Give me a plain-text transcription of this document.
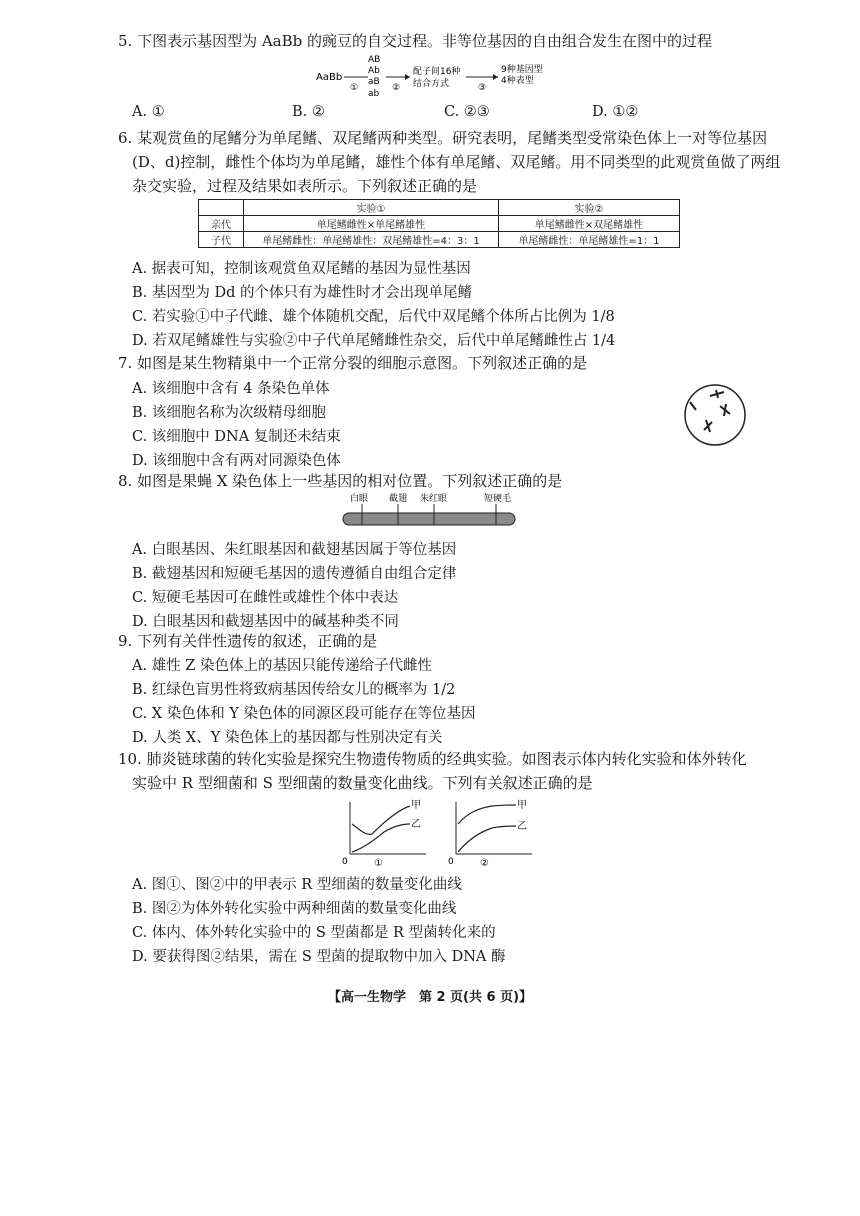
5. 下图表示基因型为 AaBb 的豌豆的自交过程。非等位基因的自由组合发生在图中的过程
AaBb
①
AB
Ab
aB
ab
②
配子间16种
结合方式	③
9种基因型
4种表型
A. ①	B. ②	C. ②③	D. ①②
6. 某观赏鱼的尾鳍分为单尾鳍、双尾鳍两种类型。研究表明，尾鳍类型受常染色体上一对等位基因
(D、d)控制，雌性个体均为单尾鳍，雄性个体有单尾鳍、双尾鳍。用不同类型的此观赏鱼做了两组
杂交实验，过程及结果如表所示。下列叙述正确的是
	实验①	实验②
亲代	单尾鳍雌性×单尾鳍雄性	单尾鳍雌性×双尾鳍雄性
子代	单尾鳍雌性：单尾鳍雄性：双尾鳍雄性=4：3：1	单尾鳍雌性：单尾鳍雄性=1：1
A. 据表可知，控制该观赏鱼双尾鳍的基因为显性基因
B. 基因型为 Dd 的个体只有为雄性时才会出现单尾鳍
C. 若实验①中子代雌、雄个体随机交配，后代中双尾鳍个体所占比例为 1/8
D. 若双尾鳍雄性与实验②中子代单尾鳍雌性杂交，后代中单尾鳍雌性占 1/4
7. 如图是某生物精巢中一个正常分裂的细胞示意图。下列叙述正确的是
A. 该细胞中含有 4 条染色单体
B. 该细胞名称为次级精母细胞
C. 该细胞中 DNA 复制还未结束
D. 该细胞中含有两对同源染色体
8. 如图是果蝇 X 染色体上一些基因的相对位置。下列叙述正确的是
白眼 截翅 朱红眼	短硬毛
A. 白眼基因、朱红眼基因和截翅基因属于等位基因
B. 截翅基因和短硬毛基因的遗传遵循自由组合定律
C. 短硬毛基因可在雌性或雄性个体中表达
D. 白眼基因和截翅基因中的碱基种类不同
9. 下列有关伴性遗传的叙述，正确的是
A. 雄性 Z 染色体上的基因只能传递给子代雌性
B. 红绿色盲男性将致病基因传给女儿的概率为 1/2
C. X 染色体和 Y 染色体的同源区段可能存在等位基因
D. 人类 X、Y 染色体上的基因都与性别决定有关
10. 肺炎链球菌的转化实验是探究生物遗传物质的经典实验。如图表示体内转化实验和体外转化
实验中 R 型细菌和 S 型细菌的数量变化曲线。下列有关叙述正确的是
甲
乙
0	①
甲
乙
0	②
A. 图①、图②中的甲表示 R 型细菌的数量变化曲线
B. 图②为体外转化实验中两种细菌的数量变化曲线
C. 体内、体外转化实验中的 S 型菌都是 R 型菌转化来的
D. 要获得图②结果，需在 S 型菌的提取物中加入 DNA 酶
【高一生物学　第 2 页(共 6 页)】
